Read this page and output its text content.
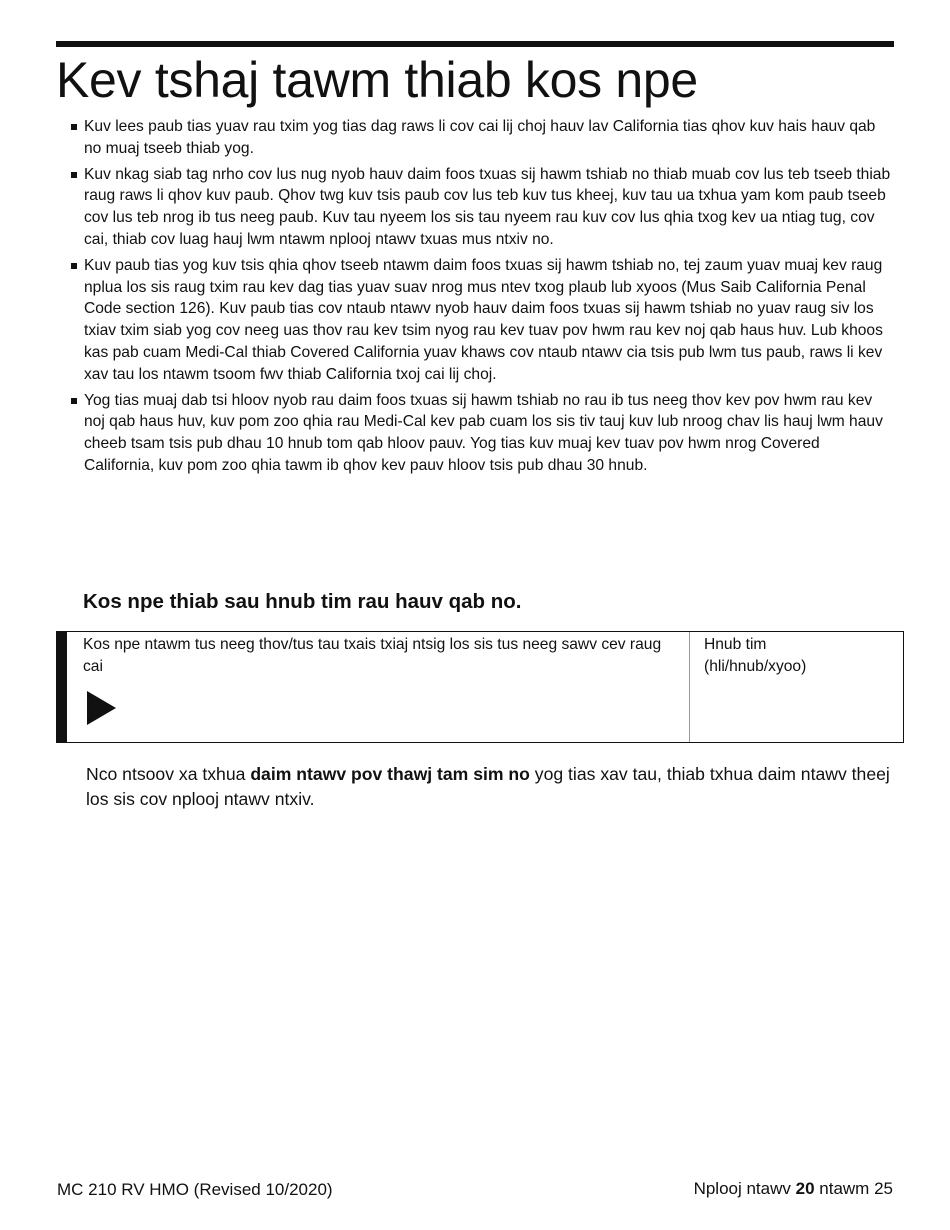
Kev tshaj tawm thiab kos npe
Kuv lees paub tias yuav rau txim yog tias dag raws li cov cai lij choj hauv lav California tias qhov kuv hais hauv qab no muaj tseeb thiab yog.
Kuv nkag siab tag nrho cov lus nug nyob hauv daim foos txuas sij hawm tshiab no thiab muab cov lus teb tseeb thiab raug raws li qhov kuv paub. Qhov twg kuv tsis paub cov lus teb kuv tus kheej, kuv tau ua txhua yam kom paub tseeb cov lus teb nrog ib tus neeg paub. Kuv tau nyeem los sis tau nyeem rau kuv cov lus qhia txog kev ua ntiag tug, cov cai, thiab cov luag hauj lwm ntawm nplooj ntawv txuas mus ntxiv no.
Kuv paub tias yog kuv tsis qhia qhov tseeb ntawm daim foos txuas sij hawm tshiab no, tej zaum yuav muaj kev raug nplua los sis raug txim rau kev dag tias yuav suav nrog mus ntev txog plaub lub xyoos (Mus Saib California Penal Code section 126). Kuv paub tias cov ntaub ntawv nyob hauv daim foos txuas sij hawm tshiab no yuav raug siv los txiav txim siab yog cov neeg uas thov rau kev tsim nyog rau kev tuav pov hwm rau kev noj qab haus huv. Lub khoos kas pab cuam Medi-Cal thiab Covered California yuav khaws cov ntaub ntawv cia tsis pub lwm tus paub, raws li kev xav tau los ntawm tsoom fwv thiab California txoj cai lij choj.
Yog tias muaj dab tsi hloov nyob rau daim foos txuas sij hawm tshiab no rau ib tus neeg thov kev pov hwm rau kev noj qab haus huv, kuv pom zoo qhia rau Medi-Cal kev pab cuam los sis tiv tauj kuv lub nroog chav lis hauj lwm hauv cheeb tsam tsis pub dhau 10 hnub tom qab hloov pauv. Yog tias kuv muaj kev tuav pov hwm nrog Covered California, kuv pom zoo qhia tawm ib qhov kev pauv hloov tsis pub dhau 30 hnub.
Kos npe thiab sau hnub tim rau hauv qab no.
Kos npe ntawm tus neeg thov/tus tau txais txiaj ntsig los sis tus neeg sawv cev raug cai
Hnub tim
(hli/hnub/xyoo)

Nco ntsoov xa txhua daim ntawv pov thawj tam sim no yog tias xav tau, thiab txhua daim ntawv theej los sis cov nplooj ntawv ntxiv.

MC 210 RV HMO (Revised 10/2020)	Nplooj ntawv 20 ntawm 25
